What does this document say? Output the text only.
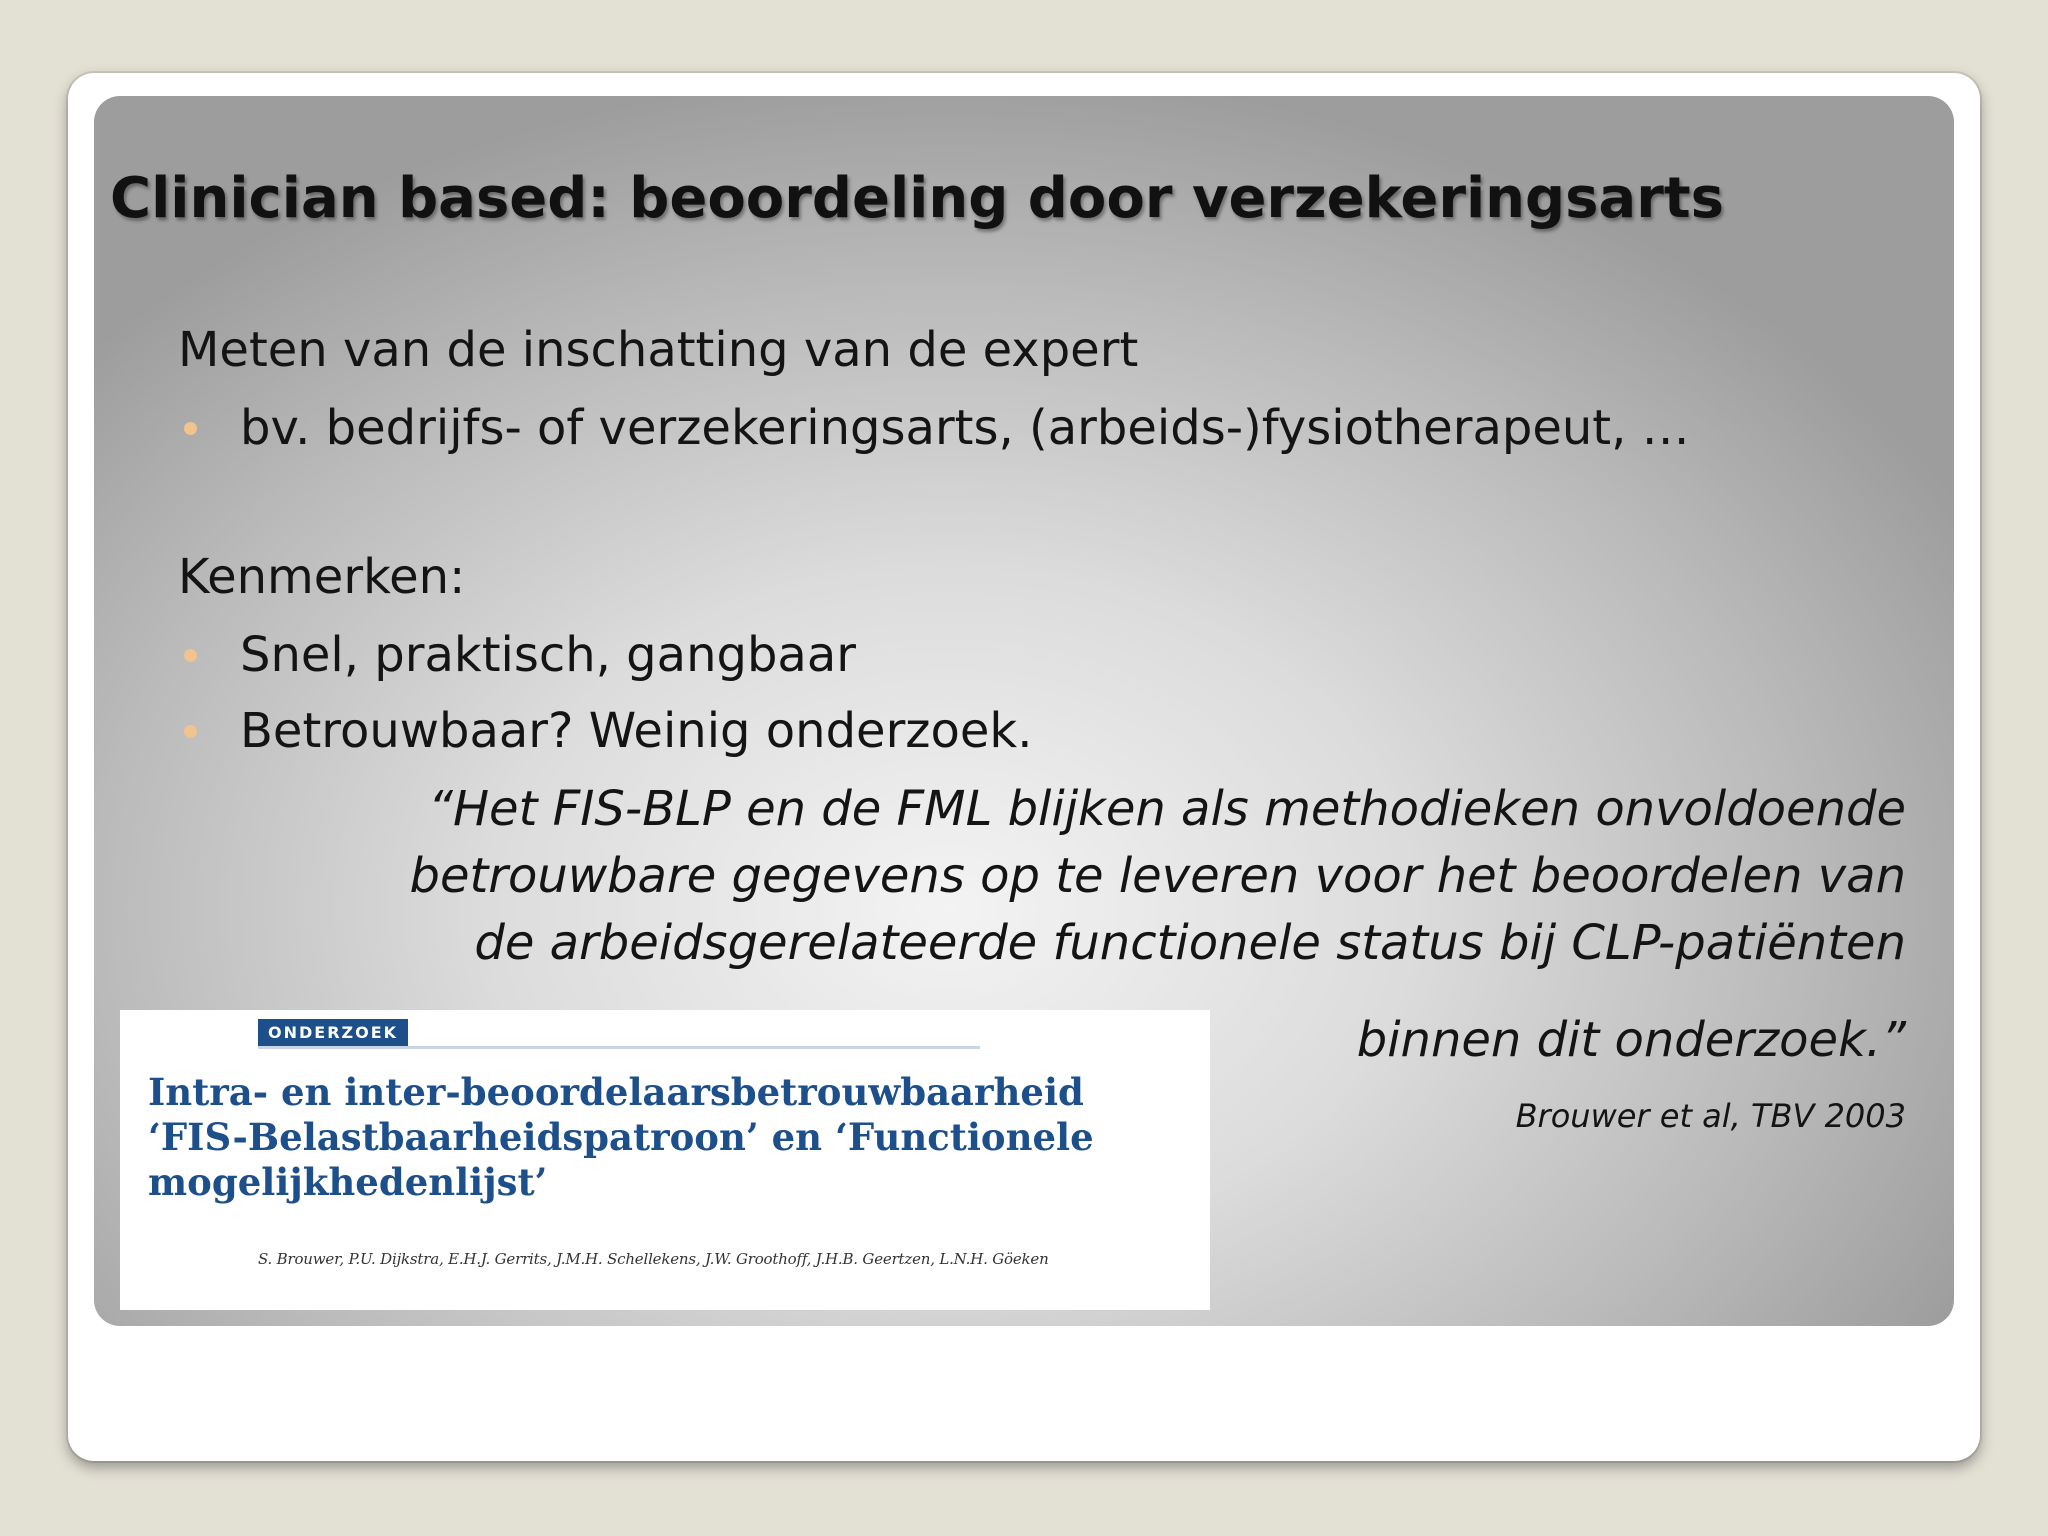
Clinician based: beoordeling door verzekeringsarts

Meten van de inschatting van de expert

bv. bedrijfs- of verzekeringsarts, (arbeids-)fysiotherapeut, …

Kenmerken:

Snel, praktisch, gangbaar
Betrouwbaar? Weinig onderzoek.

“Het FIS-BLP en de FML blijken als methodieken onvoldoende

betrouwbare gegevens op te leveren voor het beoordelen van

de arbeidsgerelateerde functionele status bij CLP-patiënten

binnen dit onderzoek.”

Brouwer et al, TBV 2003

ONDERZOEK
Intra- en inter-beoordelaarsbetrouwbaarheid
‘FIS-Belastbaarheidspatroon’ en ‘Functionele
mogelijkhedenlijst’

S. Brouwer, P.U. Dijkstra, E.H.J. Gerrits, J.M.H. Schellekens, J.W. Groothoff, J.H.B. Geertzen, L.N.H. Göeken
